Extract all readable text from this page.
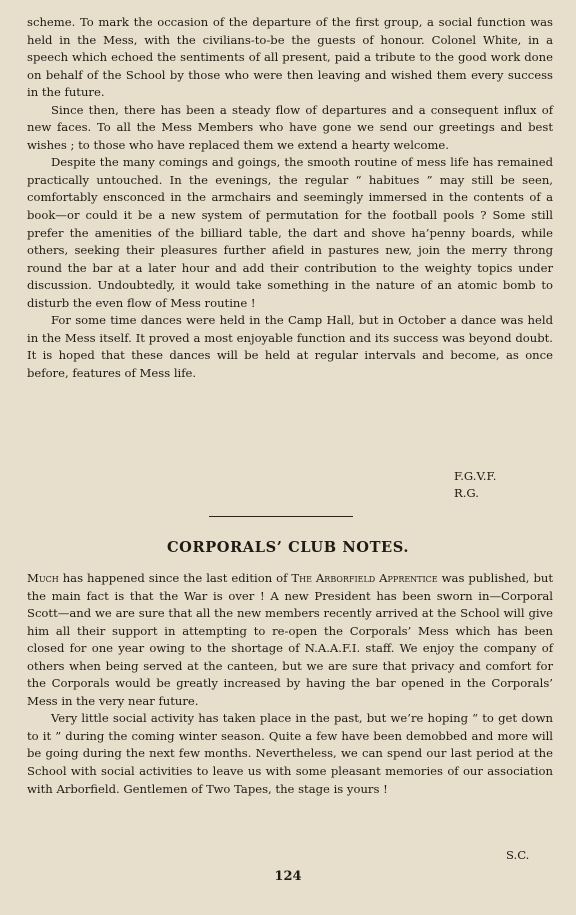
scheme. To mark the occasion of the departure of the first group, a social function was held in the Mess, with the civilians-to-be the guests of honour. Colonel White, in a speech which echoed the sentiments of all present, paid a tribute to the good work done on behalf of the School by those who were then leaving and wished them every success in the future.

Since then, there has been a steady flow of departures and a consequent influx of new faces. To all the Mess Members who have gone we send our greetings and best wishes ; to those who have replaced them we extend a hearty welcome.

Despite the many comings and goings, the smooth routine of mess life has remained practically untouched. In the evenings, the regular “ habitues ” may still be seen, comfortably ensconced in the armchairs and seemingly immersed in the contents of a book—or could it be a new system of permutation for the football pools ? Some still prefer the amenities of the billiard table, the dart and shove ha’penny boards, while others, seeking their pleasures further afield in pastures new, join the merry throng round the bar at a later hour and add their contribution to the weighty topics under discussion. Undoubtedly, it would take something in the nature of an atomic bomb to disturb the even flow of Mess routine !

For some time dances were held in the Camp Hall, but in October a dance was held in the Mess itself. It proved a most enjoyable function and its success was beyond doubt. It is hoped that these dances will be held at regular intervals and become, as once before, features of Mess life.

F.G.V.F.
R.G.
CORPORALS’ CLUB NOTES.

Much has happened since the last edition of The Arborfield Apprentice was published, but the main fact is that the War is over ! A new President has been sworn in—Corporal Scott—and we are sure that all the new members recently arrived at the School will give him all their support in attempting to re-open the Corporals’ Mess which has been closed for one year owing to the shortage of N.A.A.F.I. staff. We enjoy the company of others when being served at the canteen, but we are sure that privacy and comfort for the Corporals would be greatly increased by having the bar opened in the Corporals’ Mess in the very near future.

Very little social activity has taken place in the past, but we’re hoping “ to get down to it ” during the coming winter season. Quite a few have been demobbed and more will be going during the next few months. Nevertheless, we can spend our last period at the School with social activities to leave us with some pleasant memories of our association with Arborfield. Gentlemen of Two Tapes, the stage is yours !

S.C.
124
